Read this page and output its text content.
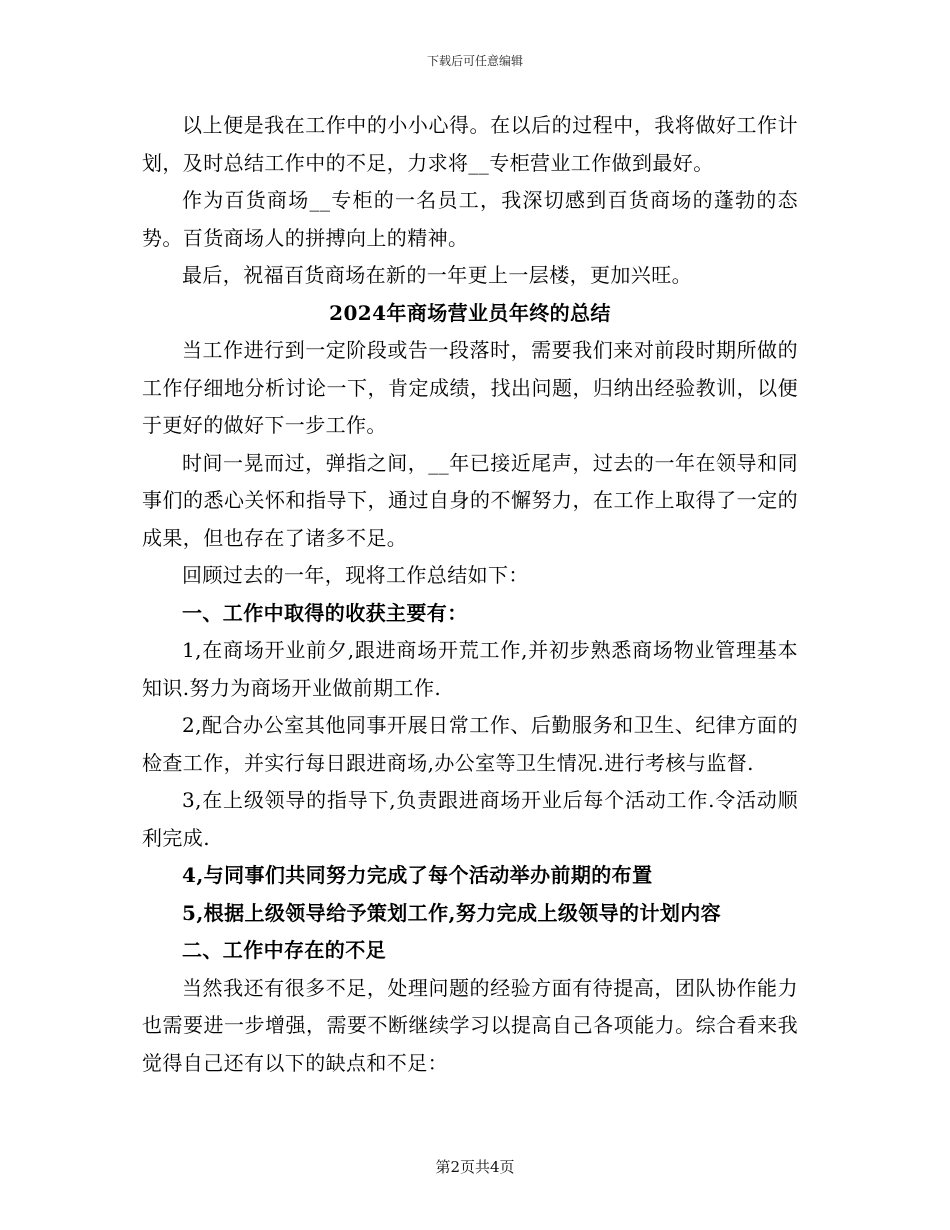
下载后可任意编辑

以上便是我在工作中的小小心得。在以后的过程中，我将做好工作计划，及时总结工作中的不足，力求将__专柜营业工作做到最好。

作为百货商场__专柜的一名员工，我深切感到百货商场的蓬勃的态势。百货商场人的拼搏向上的精神。

最后，祝福百货商场在新的一年更上一层楼，更加兴旺。

2024年商场营业员年终的总结

当工作进行到一定阶段或告一段落时，需要我们来对前段时期所做的工作仔细地分析讨论一下，肯定成绩，找出问题，归纳出经验教训，以便于更好的做好下一步工作。

时间一晃而过，弹指之间，__年已接近尾声，过去的一年在领导和同事们的悉心关怀和指导下，通过自身的不懈努力，在工作上取得了一定的成果，但也存在了诸多不足。

回顾过去的一年，现将工作总结如下：

一、工作中取得的收获主要有：

1,在商场开业前夕,跟进商场开荒工作,并初步熟悉商场物业管理基本知识.努力为商场开业做前期工作.

2,配合办公室其他同事开展日常工作、后勤服务和卫生、纪律方面的检查工作，并实行每日跟进商场,办公室等卫生情况.进行考核与监督.

3,在上级领导的指导下,负责跟进商场开业后每个活动工作.令活动顺利完成.

4,与同事们共同努力完成了每个活动举办前期的布置

5,根据上级领导给予策划工作,努力完成上级领导的计划内容

二、工作中存在的不足

当然我还有很多不足，处理问题的经验方面有待提高，团队协作能力也需要进一步增强，需要不断继续学习以提高自己各项能力。综合看来我觉得自己还有以下的缺点和不足：

第2页共4页
